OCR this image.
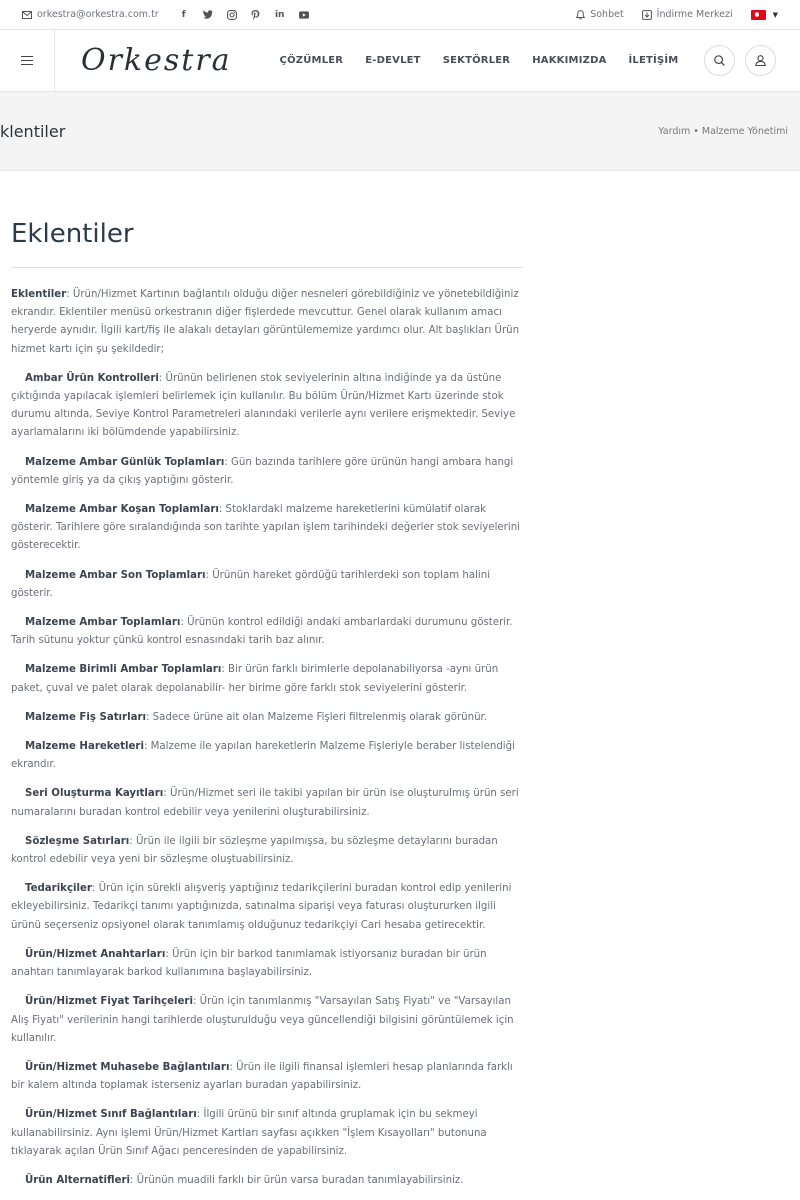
orkestra@orkestra.com.tr	f	in	Sohbet	İndirme Merkezi	▼
Orkestra	ÇÖZÜMLER E-DEVLET SEKTÖRLER HAKKIMIZDA İLETİŞİM
klentiler	Yardım • Malzeme Yönetimi
Eklentiler

Eklentiler: Ürün/Hizmet Kartının bağlantılı olduğu diğer nesneleri görebildiğiniz ve yönetebildiğiniz ekrandır. Eklentiler menüsü orkestranın diğer fişlerdede mevcuttur. Genel olarak kullanım amacı heryerde aynıdır. İlgili kart/fiş ile alakalı detayları görüntülememize yardımcı olur. Alt başlıkları Ürün hizmet kartı için şu şekildedir;

Ambar Ürün Kontrolleri: Ürünün belirlenen stok seviyelerinin altına indiğinde ya da üstüne çıktığında yapılacak işlemleri belirlemek için kullanılır. Bu bölüm Ürün/Hizmet Kartı üzerinde stok durumu altında, Seviye Kontrol Parametreleri alanındaki verilerle aynı verilere erişmektedir. Seviye ayarlamalarını iki bölümdende yapabilirsiniz.

Malzeme Ambar Günlük Toplamları: Gün bazında tarihlere göre ürünün hangi ambara hangi yöntemle giriş ya da çıkış yaptığını gösterir.

Malzeme Ambar Koşan Toplamları: Stoklardaki malzeme hareketlerini kümülatif olarak gösterir. Tarihlere göre sıralandığında son tarihte yapılan işlem tarihindeki değerler stok seviyelerini gösterecektir.

Malzeme Ambar Son Toplamları: Ürünün hareket gördüğü tarihlerdeki son toplam halini gösterir.

Malzeme Ambar Toplamları: Ürünün kontrol edildiği andaki ambarlardaki durumunu gösterir. Tarih sütunu yoktur çünkü kontrol esnasındaki tarih baz alınır.

Malzeme Birimli Ambar Toplamları: Bir ürün farklı birimlerle depolanabiliyorsa -aynı ürün paket, çuval ve palet olarak depolanabilir- her birime göre farklı stok seviyelerini gösterir.

Malzeme Fiş Satırları: Sadece ürüne ait olan Malzeme Fişleri filtrelenmiş olarak görünür.

Malzeme Hareketleri: Malzeme ile yapılan hareketlerin Malzeme Fişleriyle beraber listelendiği ekrandır.

Seri Oluşturma Kayıtları: Ürün/Hizmet seri ile takibi yapılan bir ürün ise oluşturulmış ürün seri numaralarını buradan kontrol edebilir veya yenilerini oluşturabilirsiniz.

Sözleşme Satırları: Ürün ile ilgili bir sözleşme yapılmışsa, bu sözleşme detaylarını buradan kontrol edebilir veya yeni bir sözleşme oluştuabilirsiniz.

Tedarikçiler: Ürün için sürekli alışveriş yaptığınız tedarikçilerini buradan kontrol edip yenilerini ekleyebilirsiniz. Tedarikçi tanımı yaptığınızda, satınalma siparişi veya faturası oluştururken ilgili ürünü seçerseniz opsiyonel olarak tanımlamış olduğunuz tedarikçiyi Cari hesaba getirecektir.

Ürün/Hizmet Anahtarları: Ürün için bir barkod tanımlamak istiyorsanız buradan bir ürün anahtarı tanımlayarak barkod kullanımına başlayabilirsiniz.

Ürün/Hizmet Fiyat Tarihçeleri: Ürün için tanımlanmış "Varsayılan Satış Fiyatı" ve "Varsayılan Alış Fiyatı" verilerinin hangi tarihlerde oluşturulduğu veya güncellendiği bilgisini görüntülemek için kullanılır.

Ürün/Hizmet Muhasebe Bağlantıları: Ürün ile ilgili finansal işlemleri hesap planlarında farklı bir kalem altında toplamak isterseniz ayarları buradan yapabilirsiniz.

Ürün/Hizmet Sınıf Bağlantıları: İlgili ürünü bir sınıf altında gruplamak için bu sekmeyi kullanabilirsiniz. Aynı işlemi Ürün/Hizmet Kartları sayfası açıkken "İşlem Kısayolları" butonuna tıklayarak açılan Ürün Sınıf Ağacı penceresinden de yapabilirsiniz.

Ürün Alternatifleri: Ürünün muadili farklı bir ürün varsa buradan tanımlayabilirsiniz.
